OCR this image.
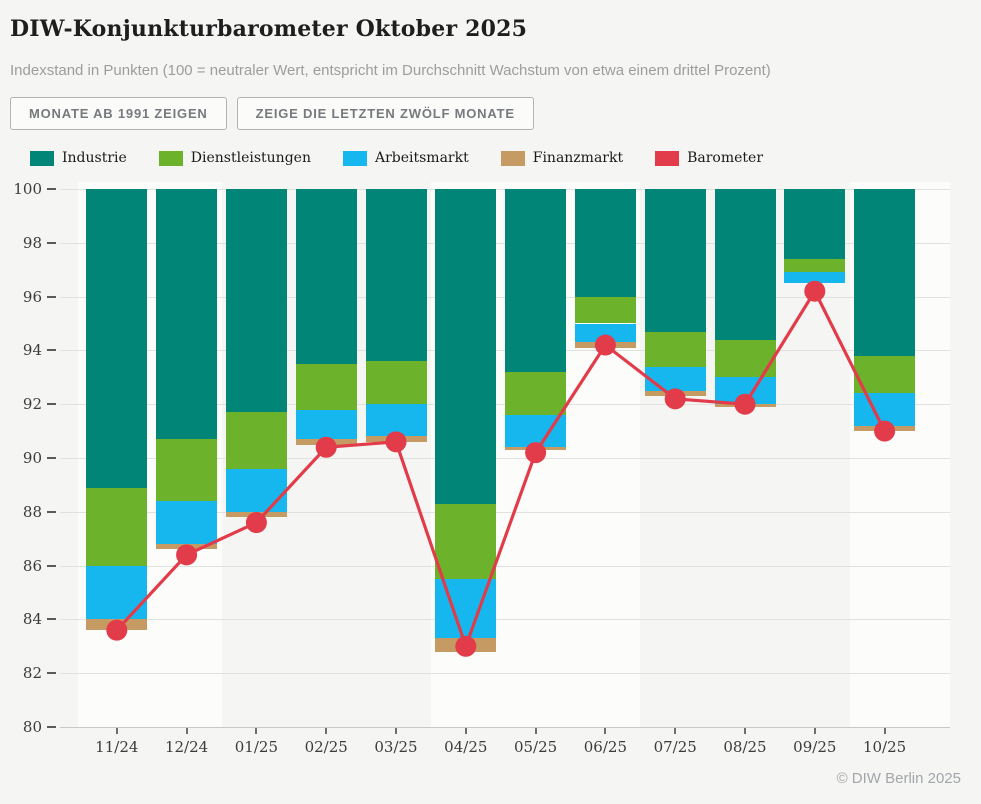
DIW-Konjunkturbarometer Oktober 2025
Indexstand in Punkten (100 = neutraler Wert, entspricht im Durchschnitt Wachstum von etwa einem drittel Prozent)
MONATE AB 1991 ZEIGEN	ZEIGE DIE LETZTEN ZWÖLF MONATE
Industrie	Dienstleistungen	Arbeitsmarkt	Finanzmarkt	Barometer
100
98
96
94
92
90
88
86
84
82
80
11/24	12/24	01/25	02/25	03/25	04/25	05/25	06/25	07/25	08/25	09/25	10/25
© DIW Berlin 2025
